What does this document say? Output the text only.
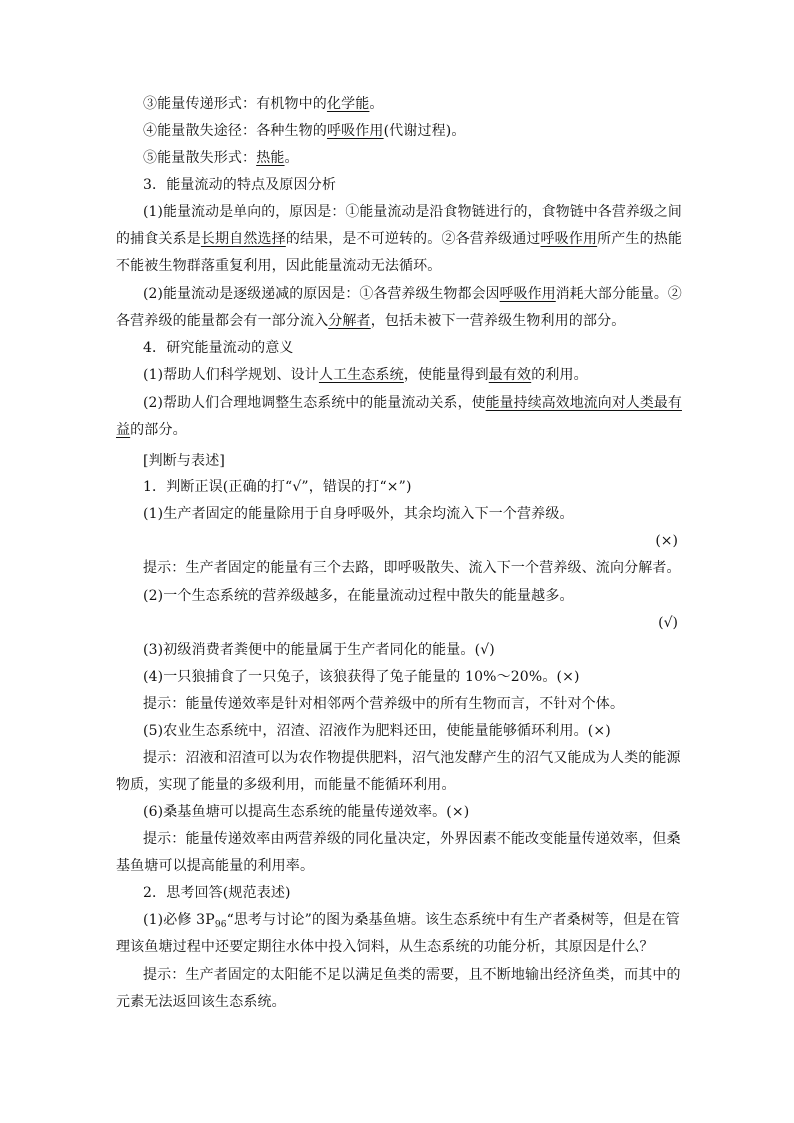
③能量传递形式：有机物中的化学能。
④能量散失途径：各种生物的呼吸作用(代谢过程)。
⑤能量散失形式：热能。
3．能量流动的特点及原因分析
(1)能量流动是单向的，原因是：①能量流动是沿食物链进行的，食物链中各营养级之间
的捕食关系是长期自然选择的结果，是不可逆转的。②各营养级通过呼吸作用所产生的热能
不能被生物群落重复利用，因此能量流动无法循环。
(2)能量流动是逐级递减的原因是：①各营养级生物都会因呼吸作用消耗大部分能量。②
各营养级的能量都会有一部分流入分解者，包括未被下一营养级生物利用的部分。
4．研究能量流动的意义
(1)帮助人们科学规划、设计人工生态系统，使能量得到最有效的利用。
(2)帮助人们合理地调整生态系统中的能量流动关系，使能量持续高效地流向对人类最有
益的部分。
[判断与表述]
1．判断正误(正确的打“√”，错误的打“×”)
(1)生产者固定的能量除用于自身呼吸外，其余均流入下一个营养级。
(×)
提示：生产者固定的能量有三个去路，即呼吸散失、流入下一个营养级、流向分解者。
(2)一个生态系统的营养级越多，在能量流动过程中散失的能量越多。
(√)
(3)初级消费者粪便中的能量属于生产者同化的能量。(√)
(4)一只狼捕食了一只兔子，该狼获得了兔子能量的 10%～20%。(×)
提示：能量传递效率是针对相邻两个营养级中的所有生物而言，不针对个体。
(5)农业生态系统中，沼渣、沼液作为肥料还田，使能量能够循环利用。(×)
提示：沼液和沼渣可以为农作物提供肥料，沼气池发酵产生的沼气又能成为人类的能源
物质，实现了能量的多级利用，而能量不能循环利用。
(6)桑基鱼塘可以提高生态系统的能量传递效率。(×)
提示：能量传递效率由两营养级的同化量决定，外界因素不能改变能量传递效率，但桑
基鱼塘可以提高能量的利用率。
2．思考回答(规范表述)
(1)必修 $3P_{96}“$思考与讨论”的图为桑基鱼塘。该生态系统中有生产者桑树等，但是在管
理该鱼塘过程中还要定期往水体中投入饲料，从生态系统的功能分析，其原因是什么？
提示：生产者固定的太阳能不足以满足鱼类的需要，且不断地输出经济鱼类，而其中的
元素无法返回该生态系统。
